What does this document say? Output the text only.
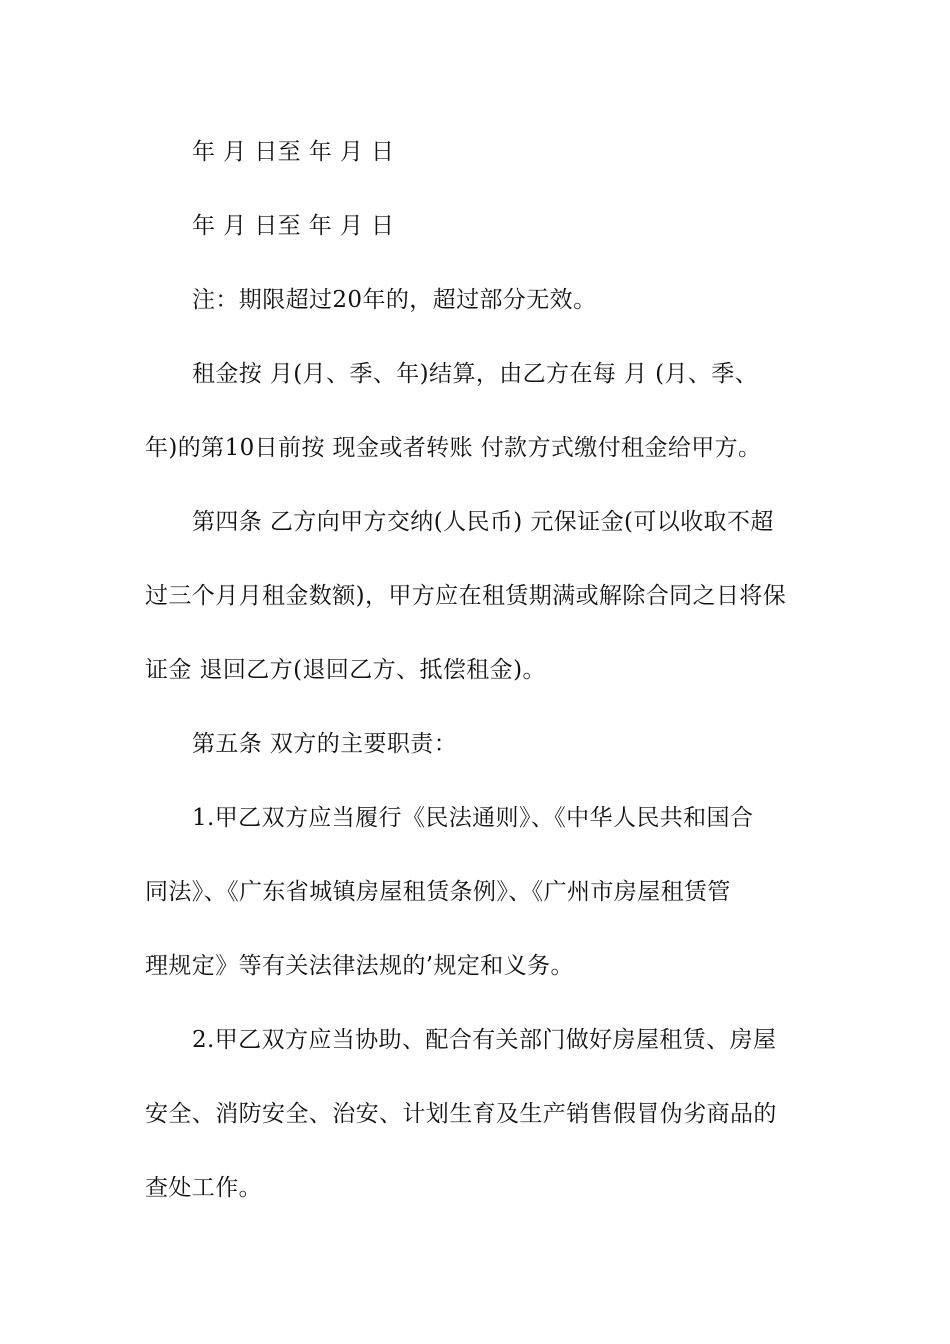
年 月 日至 年 月 日
年 月 日至 年 月 日
注：期限超过20年的，超过部分无效。
租金按 月(月、季、年)结算，由乙方在每 月 (月、季、
年)的第10日前按 现金或者转账 付款方式缴付租金给甲方。
第四条 乙方向甲方交纳(人民币) 元保证金(可以收取不超
过三个月月租金数额)，甲方应在租赁期满或解除合同之日将保
证金 退回乙方(退回乙方、抵偿租金)。
第五条 双方的主要职责：
1.甲乙双方应当履行《民法通则》、《中华人民共和国合
同法》、《广东省城镇房屋租赁条例》、《广州市房屋租赁管
理规定》等有关法律法规的’规定和义务。
2.甲乙双方应当协助、配合有关部门做好房屋租赁、房屋
安全、消防安全、治安、计划生育及生产销售假冒伪劣商品的
查处工作。
